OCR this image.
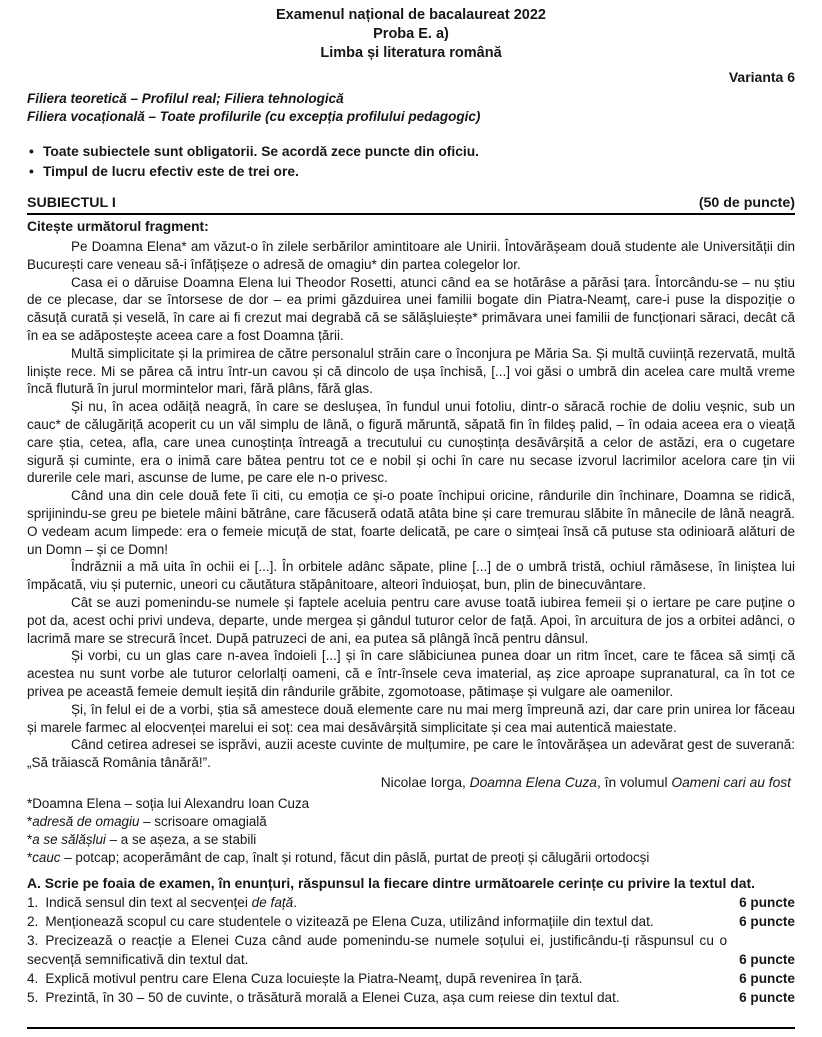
Examenul național de bacalaureat 2022
Proba E. a)
Limba și literatura română
Varianta 6
Filiera teoretică – Profilul real; Filiera tehnologică
Filiera vocațională – Toate profilurile (cu excepția profilului pedagogic)
• Toate subiectele sunt obligatorii. Se acordă zece puncte din oficiu.
• Timpul de lucru efectiv este de trei ore.
SUBIECTUL I	(50 de puncte)
Citește următorul fragment:

Pe Doamna Elena* am văzut-o în zilele serbărilor amintitoare ale Unirii. Întovărășeam două studente ale Universității din București care veneau să-i înfățișeze o adresă de omagiu* din partea colegelor lor.

Casa ei o dăruise Doamna Elena lui Theodor Rosetti, atunci când ea se hotărâse a părăsi țara. Întorcându-se – nu știu de ce plecase, dar se întorsese de dor – ea primi găzduirea unei familii bogate din Piatra-Neamț, care-i puse la dispoziție o căsuță curată și veselă, în care ai fi crezut mai degrabă că se sălășluiește* primăvara unei familii de funcționari săraci, decât că în ea se adăpostește aceea care a fost Doamna țării.

Multă simplicitate și la primirea de către personalul străin care o înconjura pe Măria Sa. Și multă cuviință rezervată, multă liniște rece. Mi se părea că intru într-un cavou și că dincolo de ușa închisă, [...] voi găsi o umbră din acelea care multă vreme încă flutură în jurul mormintelor mari, fără plâns, fără glas.

Și nu, în acea odăiță neagră, în care se deslușea, în fundul unui fotoliu, dintr-o săracă rochie de doliu veșnic, sub un cauc* de călugăriță acoperit cu un văl simplu de lână, o figură măruntă, săpată fin în fildeș palid, – în odaia aceea era o vieață care știa, cetea, afla, care unea cunoștința întreagă a trecutului cu cunoștința desăvârșită a celor de astăzi, era o cugetare sigură și cuminte, era o inimă care bătea pentru tot ce e nobil și ochi în care nu secase izvorul lacrimilor acelora care țin vii durerile cele mari, ascunse de lume, pe care ele n-o privesc.

Când una din cele două fete îi citi, cu emoția ce și-o poate închipui oricine, rândurile din închinare, Doamna se ridică, sprijinindu-se greu pe bietele mâini bătrâne, care făcuseră odată atâta bine și care tremurau slăbite în mânecile de lână neagră. O vedeam acum limpede: era o femeie micuță de stat, foarte delicată, pe care o simțeai însă că putuse sta odinioară alături de un Domn – și ce Domn!

Îndrăznii a mă uita în ochii ei [...]. În orbitele adânc săpate, pline [...] de o umbră tristă, ochiul rămăsese, în liniștea lui împăcată, viu și puternic, uneori cu căutătura stăpânitoare, alteori înduioșat, bun, plin de binecuvântare.

Cât se auzi pomenindu-se numele și faptele aceluia pentru care avuse toată iubirea femeii și o iertare pe care puține o pot da, acest ochi privi undeva, departe, unde mergea și gândul tuturor celor de față. Apoi, în arcuitura de jos a orbitei adânci, o lacrimă mare se strecură încet. După patruzeci de ani, ea putea să plângă încă pentru dânsul.

Și vorbi, cu un glas care n-avea îndoieli [...] și în care slăbiciunea punea doar un ritm încet, care te făcea să simți că acestea nu sunt vorbe ale tuturor celorlalți oameni, că e într-însele ceva imaterial, aș zice aproape supranatural, ca în tot ce privea pe această femeie demult ieșită din rândurile grăbite, zgomotoase, pătimașe și vulgare ale oamenilor.

Și, în felul ei de a vorbi, știa să amestece două elemente care nu mai merg împreună azi, dar care prin unirea lor făceau și marele farmec al elocvenței marelui ei soț: cea mai desăvârșită simplicitate și cea mai autentică maiestate.

Când cetirea adresei se isprăvi, auzii aceste cuvinte de mulțumire, pe care le întovărășea un adevărat gest de suverană: „Să trăiască România tânără!”.

Nicolae Iorga, Doamna Elena Cuza, în volumul Oameni cari au fost
*Doamna Elena – soția lui Alexandru Ioan Cuza
*adresă de omagiu – scrisoare omagială
*a se sălășlui – a se așeza, a se stabili
*cauc – potcap; acoperământ de cap, înalt și rotund, făcut din pâslă, purtat de preoți și călugării ortodocși
A. Scrie pe foaia de examen, în enunțuri, răspunsul la fiecare dintre următoarele cerințe cu privire la textul dat.
1. Indică sensul din text al secvenței de față.	6 puncte
2. Menționează scopul cu care studentele o vizitează pe Elena Cuza, utilizând informațiile din textul dat.	6 puncte
3. Precizează o reacție a Elenei Cuza când aude pomenindu-se numele soțului ei, justificându-ți răspunsul cu o secvență semnificativă din textul dat.	6 puncte
4. Explică motivul pentru care Elena Cuza locuiește la Piatra-Neamț, după revenirea în țară.	6 puncte
5. Prezintă, în 30 – 50 de cuvinte, o trăsătură morală a Elenei Cuza, așa cum reiese din textul dat.	6 puncte
